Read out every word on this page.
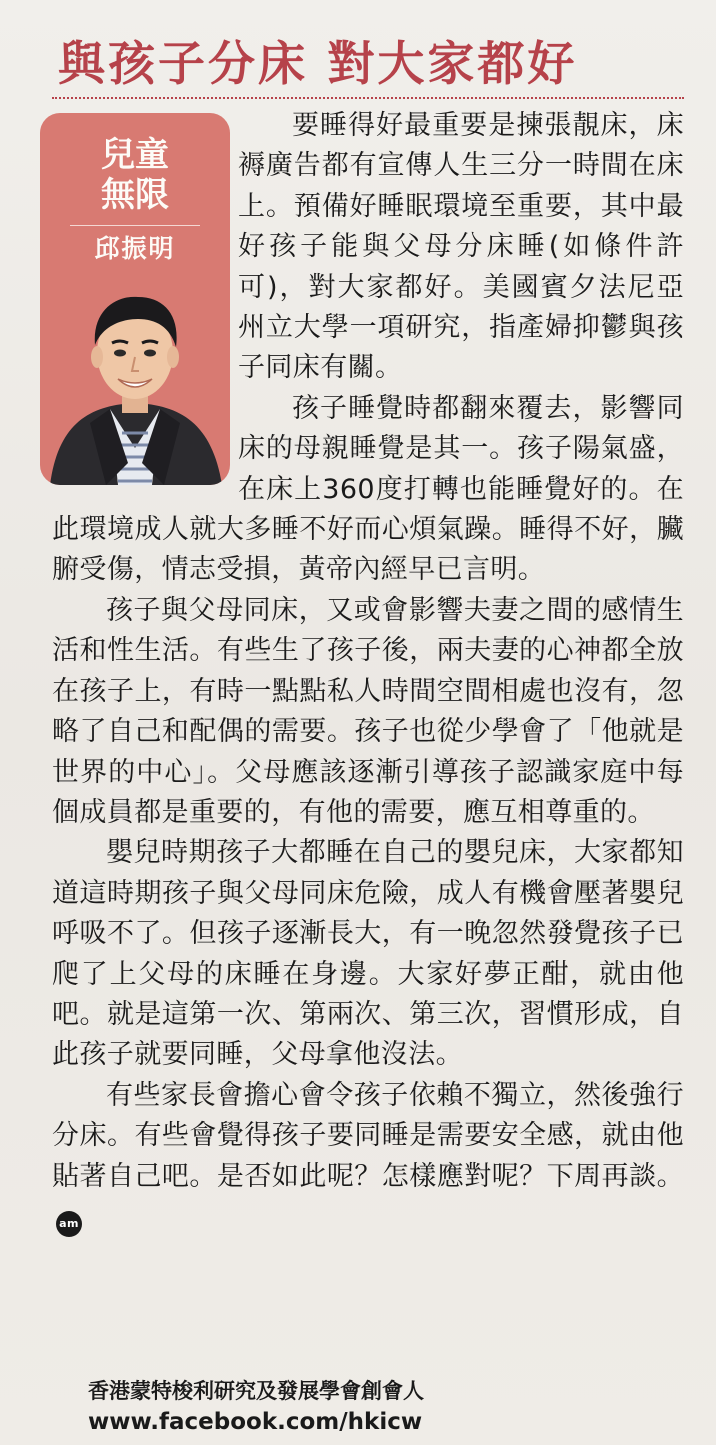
與孩子分床 對大家都好
兒童
無限
邱振明

要睡得好最重要是揀張靚床，床褥廣告都有宣傳人生三分一時間在床上。預備好睡眠環境至重要，其中最好孩子能與父母分床睡(如條件許可)，對大家都好。美國賓夕法尼亞州立大學一項研究，指產婦抑鬱與孩子同床有關。

孩子睡覺時都翻來覆去，影響同床的母親睡覺是其一。孩子陽氣盛，在床上360度打轉也能睡覺好的。在此環境成人就大多睡不好而心煩氣躁。睡得不好，臟腑受傷，情志受損，黃帝內經早已言明。

孩子與父母同床，又或會影響夫妻之間的感情生活和性生活。有些生了孩子後，兩夫妻的心神都全放在孩子上，有時一點點私人時間空間相處也沒有，忽略了自己和配偶的需要。孩子也從少學會了「他就是世界的中心」。父母應該逐漸引導孩子認識家庭中每個成員都是重要的，有他的需要，應互相尊重的。

嬰兒時期孩子大都睡在自己的嬰兒床，大家都知道這時期孩子與父母同床危險，成人有機會壓著嬰兒呼吸不了。但孩子逐漸長大，有一晚忽然發覺孩子已爬了上父母的床睡在身邊。大家好夢正酣，就由他吧。就是這第一次、第兩次、第三次，習慣形成，自此孩子就要同睡，父母拿他沒法。

有些家長會擔心會令孩子依賴不獨立，然後強行分床。有些會覺得孩子要同睡是需要安全感，就由他貼著自己吧。是否如此呢？怎樣應對呢？下周再談。am

香港蒙特梭利研究及發展學會創會人
www.facebook.com/hkicw
